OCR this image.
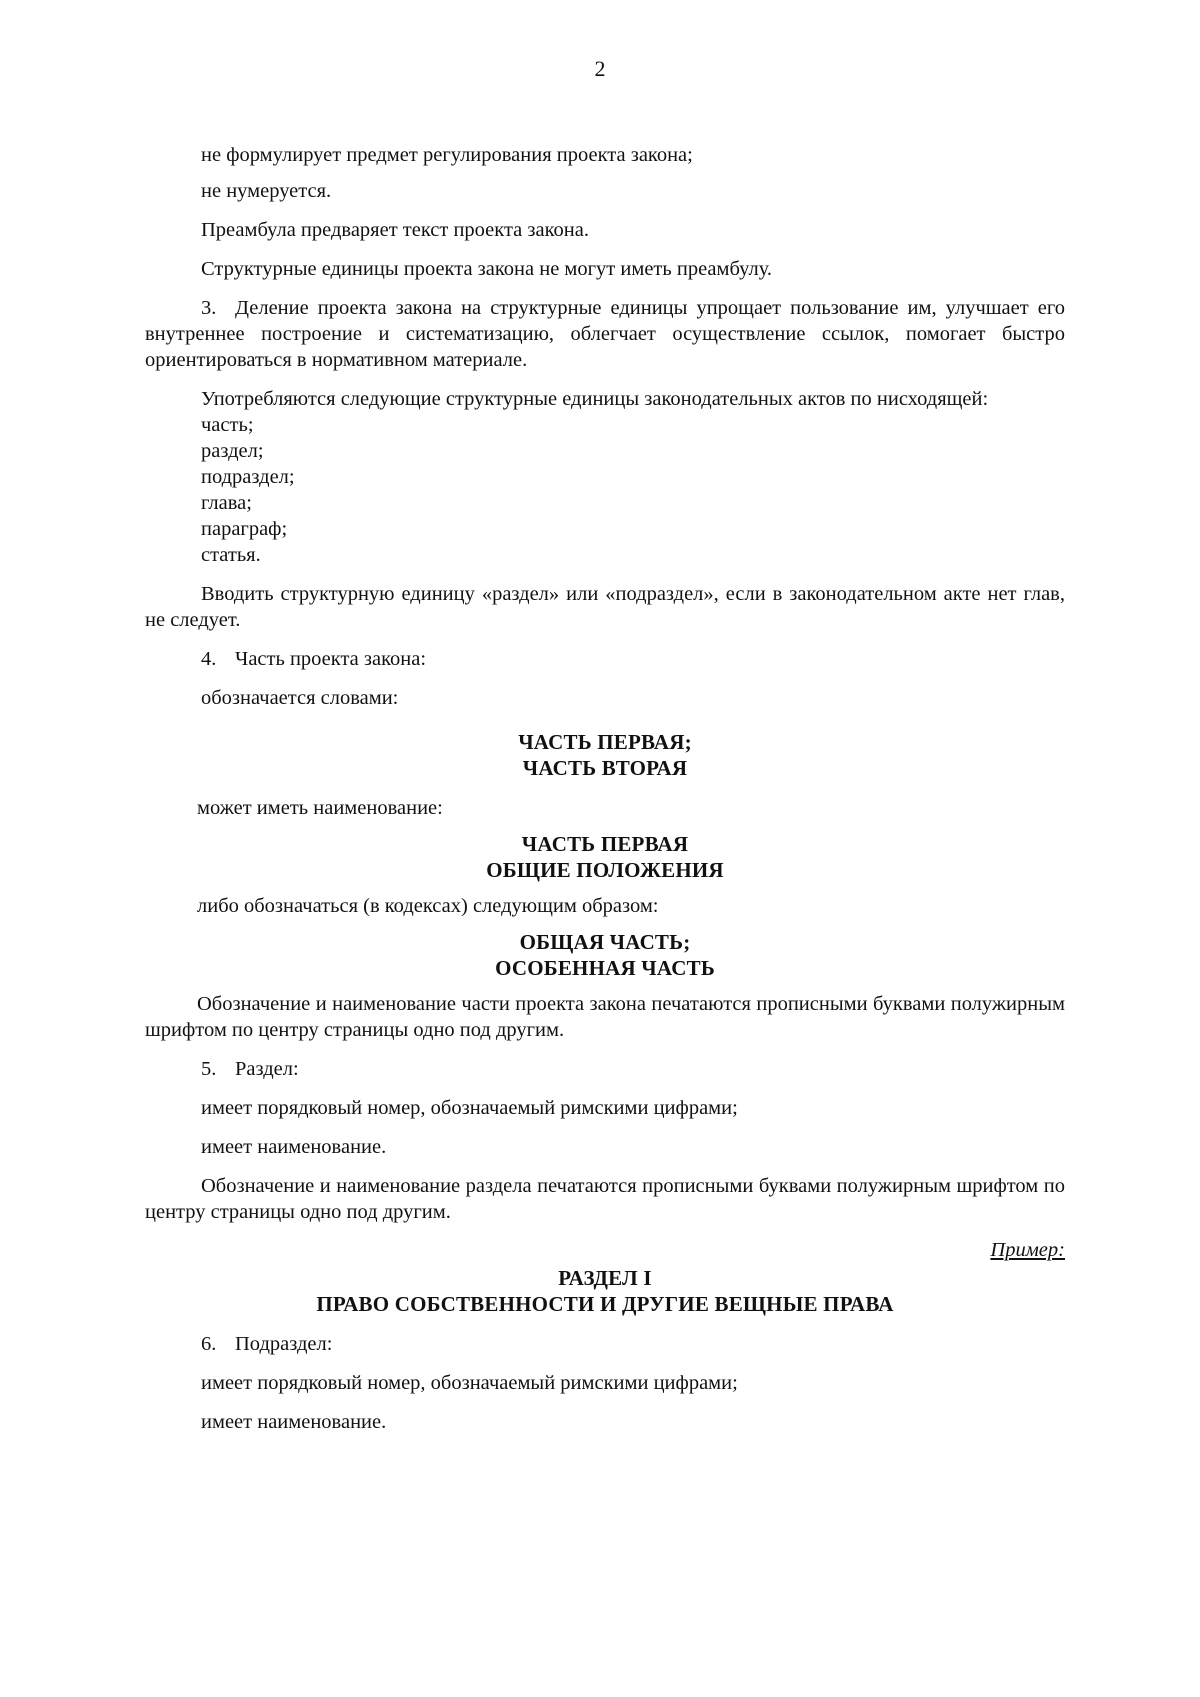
2

не формулирует предмет регулирования проекта закона;

не нумеруется.

Преамбула предваряет текст проекта закона.

Структурные единицы проекта закона не могут иметь преамбулу.

3. Деление проекта закона на структурные единицы упрощает пользование им, улучшает его внутреннее построение и систематизацию, облегчает осуществление ссылок, помогает быстро ориентироваться в нормативном материале.

Употребляются следующие структурные единицы законодательных актов по нисходящей:

часть;

раздел;

подраздел;

глава;

параграф;

статья.

Вводить структурную единицу «раздел» или «подраздел», если в законодательном акте нет глав, не следует.

4. Часть проекта закона:

обозначается словами:

ЧАСТЬ ПЕРВАЯ;

ЧАСТЬ ВТОРАЯ

может иметь наименование:

ЧАСТЬ ПЕРВАЯ

ОБЩИЕ ПОЛОЖЕНИЯ

либо обозначаться (в кодексах) следующим образом:

ОБЩАЯ ЧАСТЬ;

ОСОБЕННАЯ ЧАСТЬ

Обозначение и наименование части проекта закона печатаются прописными буквами полужирным шрифтом по центру страницы одно под другим.

5. Раздел:

имеет порядковый номер, обозначаемый римскими цифрами;

имеет наименование.

Обозначение и наименование раздела печатаются прописными буквами полужирным шрифтом по центру страницы одно под другим.

Пример:

РАЗДЕЛ I

ПРАВО СОБСТВЕННОСТИ И ДРУГИЕ ВЕЩНЫЕ ПРАВА

6. Подраздел:

имеет порядковый номер, обозначаемый римскими цифрами;

имеет наименование.
